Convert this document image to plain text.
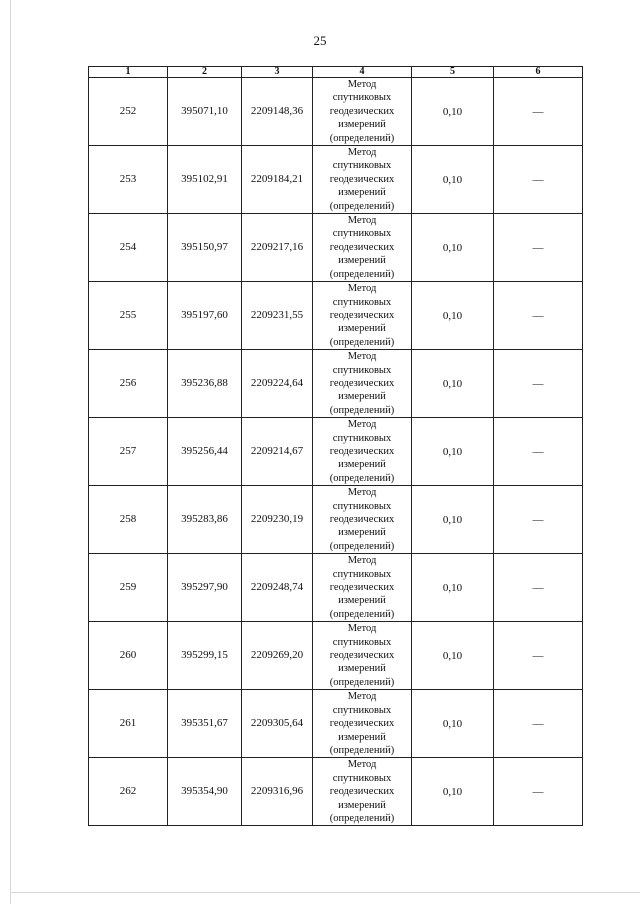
25
1	2	3	4	5	6
252	395071,10	2209148,36	Метод
спутниковых
геодезических
измерений
(определений)	0,10	—

253	395102,91	2209184,21	Метод
спутниковых
геодезических
измерений
(определений)	0,10	—

254	395150,97	2209217,16	Метод
спутниковых
геодезических
измерений
(определений)	0,10	—

255	395197,60	2209231,55	Метод
спутниковых
геодезических
измерений
(определений)	0,10	—

256	395236,88	2209224,64	Метод
спутниковых
геодезических
измерений
(определений)	0,10	—

257	395256,44	2209214,67	Метод
спутниковых
геодезических
измерений
(определений)	0,10	—

258	395283,86	2209230,19	Метод
спутниковых
геодезических
измерений
(определений)	0,10	—

259	395297,90	2209248,74	Метод
спутниковых
геодезических
измерений
(определений)	0,10	—

260	395299,15	2209269,20	Метод
спутниковых
геодезических
измерений
(определений)	0,10	—

261	395351,67	2209305,64	Метод
спутниковых
геодезических
измерений
(определений)	0,10	—

262	395354,90	2209316,96	Метод
спутниковых
геодезических
измерений
(определений)	0,10	—
